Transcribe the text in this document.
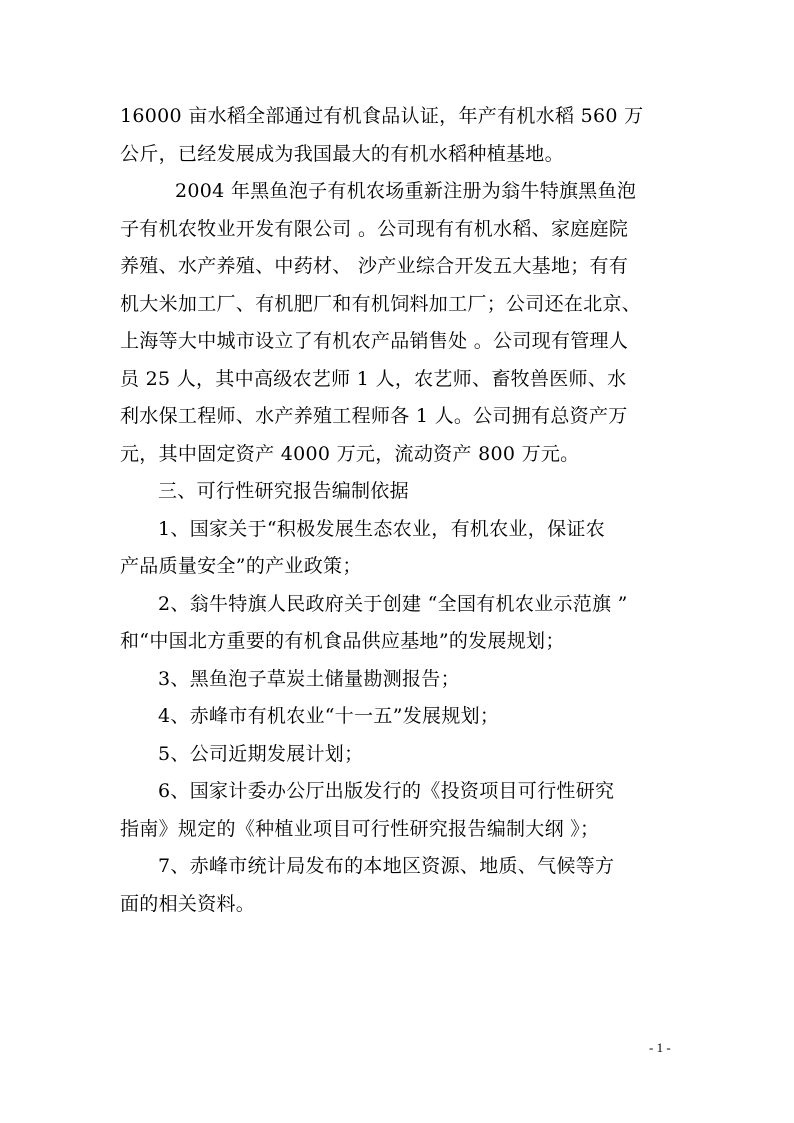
16000 亩水稻全部通过有机食品认证，年产有机水稻 560 万
公斤，已经发展成为我国最大的有机水稻种植基地。
2004 年黑鱼泡子有机农场重新注册为翁牛特旗黑鱼泡
子有机农牧业开发有限公司 。公司现有有机水稻、家庭庭院
养殖、水产养殖、中药材、 沙产业综合开发五大基地；有有
机大米加工厂、有机肥厂和有机饲料加工厂；公司还在北京、
上海等大中城市设立了有机农产品销售处 。公司现有管理人
员 25 人，其中高级农艺师 1 人，农艺师、畜牧兽医师、水
利水保工程师、水产养殖工程师各 1 人。公司拥有总资产万
元，其中固定资产 4000 万元，流动资产 800 万元。
三、可行性研究报告编制依据
1、国家关于“积极发展生态农业，有机农业，保证农
产品质量安全”的产业政策；
2、翁牛特旗人民政府关于创建 “全国有机农业示范旗 ”
和“中国北方重要的有机食品供应基地”的发展规划；
3、黑鱼泡子草炭土储量勘测报告；
4、赤峰市有机农业“十一五”发展规划；
5、公司近期发展计划；
6、国家计委办公厅出版发行的《投资项目可行性研究
指南》规定的《种植业项目可行性研究报告编制大纲 》；
7、赤峰市统计局发布的本地区资源、地质、气候等方
面的相关资料。
- 1 -
